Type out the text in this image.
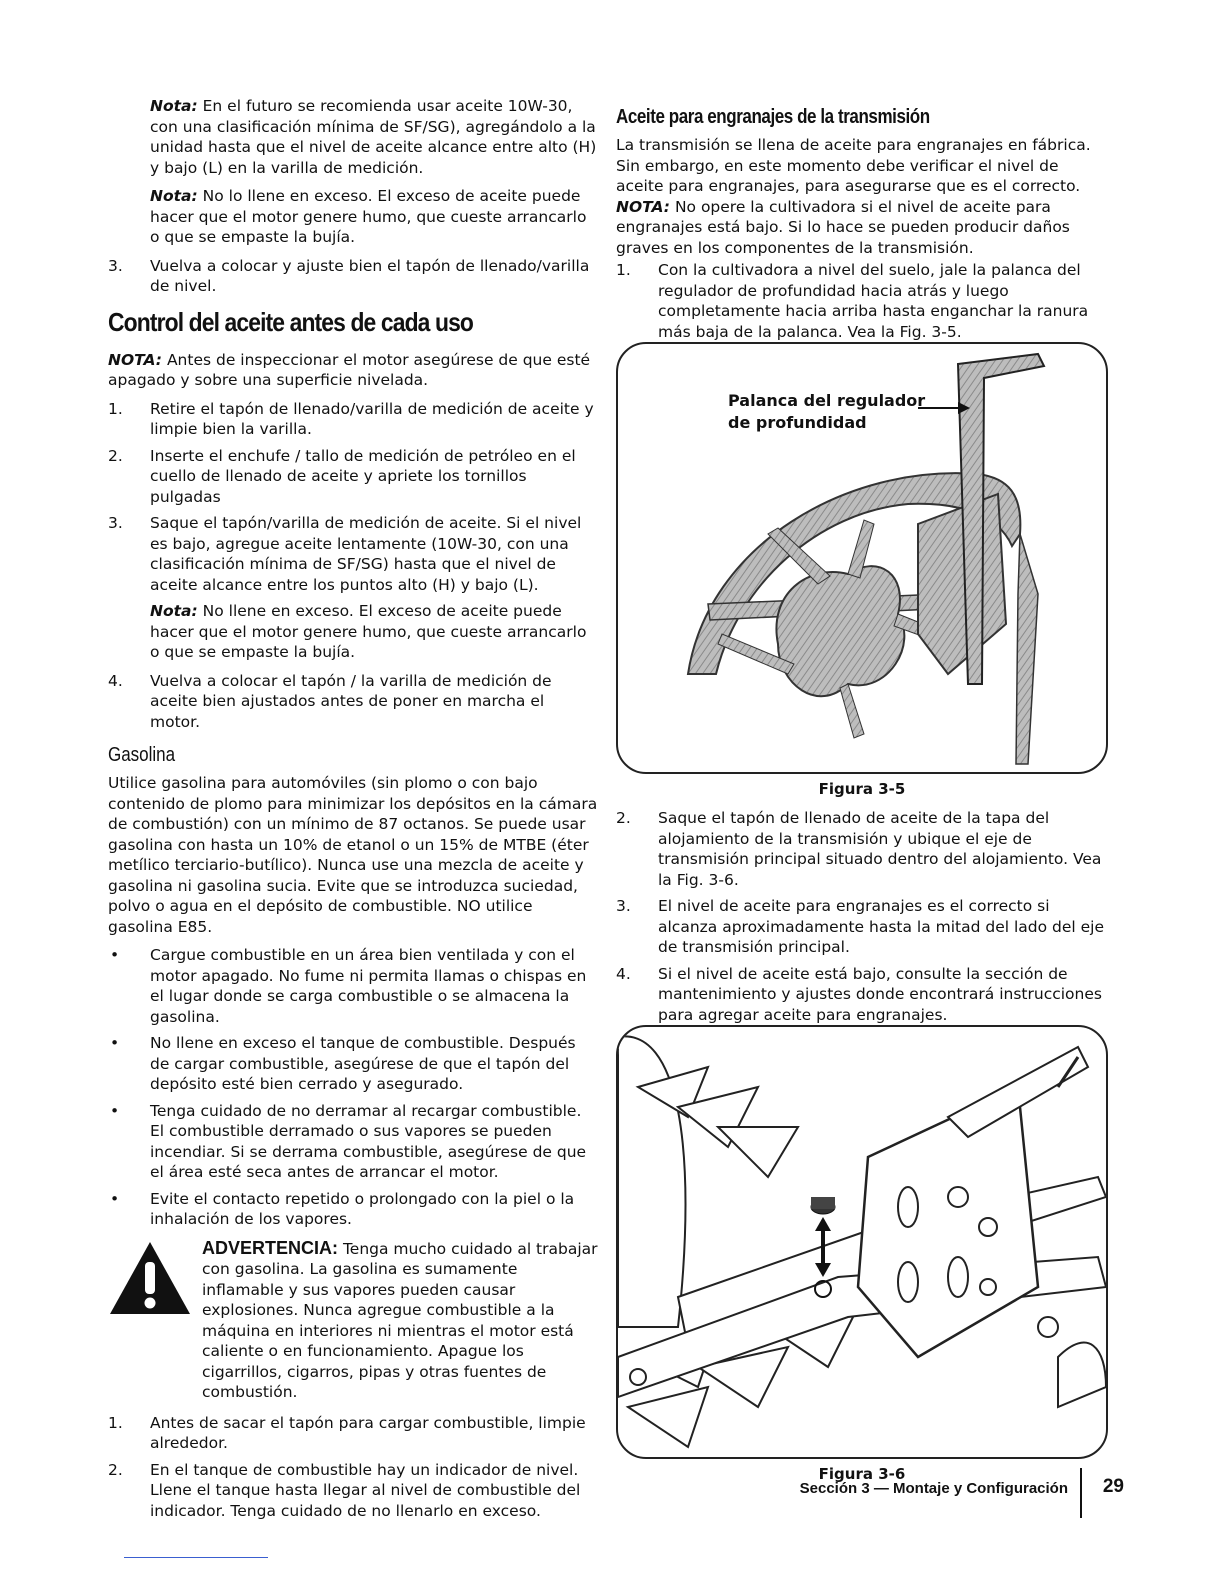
Nota: En el futuro se recomienda usar aceite 10W-30, con una clasificación mínima de SF/SG), agregándolo a la unidad hasta que el nivel de aceite alcance entre alto (H) y bajo (L) en la varilla de medición.

Nota: No lo llene en exceso. El exceso de aceite puede hacer que el motor genere humo, que cueste arrancarlo o que se empaste la bujía.

3.	Vuelva a colocar y ajuste bien el tapón de llenado/varilla de nivel.
Control del aceite antes de cada uso

NOTA: Antes de inspeccionar el motor asegúrese de que esté apagado y sobre una superficie nivelada.

1.	Retire el tapón de llenado/varilla de medición de aceite y limpie bien la varilla.
2.	Inserte el enchufe / tallo de medición de petróleo en el cuello de llenado de aceite y apriete los tornillos pulgadas
3.	Saque el tapón/varilla de medición de aceite. Si el nivel es bajo, agregue aceite lentamente (10W-30, con una clasificación mínima de SF/SG) hasta que el nivel de aceite alcance entre los puntos alto (H) y bajo (L).

Nota: No llene en exceso. El exceso de aceite puede hacer que el motor genere humo, que cueste arrancarlo o que se empaste la bujía.

4.	Vuelva a colocar el tapón / la varilla de medición de aceite bien ajustados antes de poner en marcha el motor.
Gasolina

Utilice gasolina para automóviles (sin plomo o con bajo contenido de plomo para minimizar los depósitos en la cámara de combustión) con un mínimo de 87 octanos. Se puede usar gasolina con hasta un 10% de etanol o un 15% de MTBE (éter metílico terciario-butílico). Nunca use una mezcla de aceite y gasolina ni gasolina sucia. Evite que se introduzca suciedad, polvo o agua en el depósito de combustible. NO utilice gasolina E85.

• Cargue combustible en un área bien ventilada y con el motor apagado. No fume ni permita llamas o chispas en el lugar donde se carga combustible o se almacena la gasolina.
• No llene en exceso el tanque de combustible. Después de cargar combustible, asegúrese de que el tapón del depósito esté bien cerrado y asegurado.
• Tenga cuidado de no derramar al recargar combustible. El combustible derramado o sus vapores se pueden incendiar. Si se derrama combustible, asegúrese de que el área esté seca antes de arrancar el motor.
• Evite el contacto repetido o prolongado con la piel o la inhalación de los vapores.

ADVERTENCIA: Tenga mucho cuidado al trabajar con gasolina. La gasolina es sumamente inflamable y sus vapores pueden causar explosiones. Nunca agregue combustible a la máquina en interiores ni mientras el motor está caliente o en funcionamiento. Apague los cigarrillos, cigarros, pipas y otras fuentes de combustión.

1.	Antes de sacar el tapón para cargar combustible, limpie alrededor.
2.	En el tanque de combustible hay un indicador de nivel. Llene el tanque hasta llegar al nivel de combustible del indicador. Tenga cuidado de no llenarlo en exceso.
Aceite para engranajes de la transmisión

La transmisión se llena de aceite para engranajes en fábrica. Sin embargo, en este momento debe verificar el nivel de aceite para engranajes, para asegurarse que es el correcto.

NOTA: No opere la cultivadora si el nivel de aceite para engranajes está bajo. Si lo hace se pueden producir daños graves en los componentes de la transmisión.

1.	Con la cultivadora a nivel del suelo, jale la palanca del regulador de profundidad hacia atrás y luego completamente hacia arriba hasta enganchar la ranura más baja de la palanca. Vea la Fig. 3-5.
Palanca del regulador
de profundidad
Figura 3-5
2.	Saque el tapón de llenado de aceite de la tapa del alojamiento de la transmisión y ubique el eje de transmisión principal situado dentro del alojamiento. Vea la Fig. 3-6.
3.	El nivel de aceite para engranajes es el correcto si alcanza aproximadamente hasta la mitad del lado del eje de transmisión principal.
4.	Si el nivel de aceite está bajo, consulte la sección de mantenimiento y ajustes donde encontrará instrucciones para agregar aceite para engranajes.
Figura 3-6
Sección 3 — Montaje y Configuración 29
